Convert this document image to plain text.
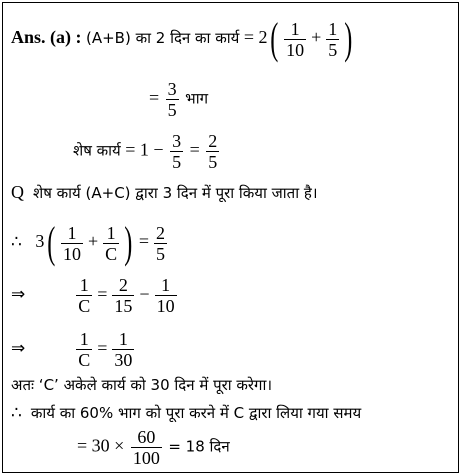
Ans. (a) : (A+B) का 2 दिन का कार्य = $2( \frac{1}{10} + \frac{1}{5}$ )
= $\frac{3}{5}$ भाग
शेष कार्य = $1 - \frac{3}{5} = \frac{2}{5}$
Q शेष कार्य (A+C) द्वारा 3 दिन में पूरा किया जाता है।
∴ $3( \frac{1}{10} + \frac{1}{C}$ ) = $\frac{2}{5}$
⇒	$\frac{1}{C} = \frac{2}{15} - \frac{1}{10}$
⇒	$\frac{1}{C} = \frac{1}{30}$
अतः ‘C’ अकेले कार्य को 30 दिन में पूरा करेगा।
∴ कार्य का 60% भाग को पूरा करने में C द्वारा लिया गया समय
= $30 \times \frac{60}{100} = 18$ दिन
